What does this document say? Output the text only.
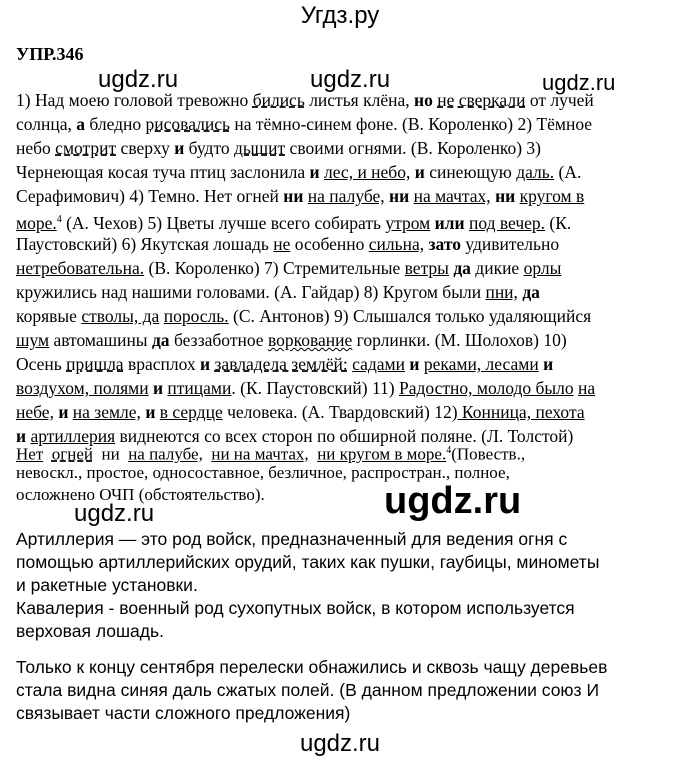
Угдз.ру
УПР.346
ugdz.ru	ugdz.ru	ugdz.ru
ugdz.ru
ugdz.ru
1) Над моею головой тревожно бились листья клёна, но не сверкали от лучей
солнца, а бледно рисовались на тёмно-синем фоне. (В. Короленко) 2) Тёмное
небо смотрит сверху и будто дышит своими огнями. (В. Короленко) 3)
Чернеющая косая туча птиц заслонила и лес, и небо, и синеющую даль. (А.
Серафимович) 4) Темно. Нет огней ни на палубе, ни на мачтах, ни кругом в
море.$^4$ (А. Чехов) 5) Цветы лучше всего собирать утром или под вечер. (К.
Паустовский) 6) Якутская лошадь не особенно сильна, зато удивительно
нетребовательна. (В. Короленко) 7) Стремительные ветры да дикие орлы
кружились над нашими головами. (А. Гайдар) 8) Кругом были пни, да
корявые стволы, да поросль. (С. Антонов) 9) Слышался только удаляющийся
шум автомашины да беззаботное воркование горлинки. (М. Шолохов) 10)
Осень пришла врасплох и завладела землёй: садами и реками, лесами и
воздухом, полями и птицами. (К. Паустовский) 11) Радостно, молодо было на
небе, и на земле, и в сердце человека. (А. Твардовский) 12) Конница, пехота
и артиллерия виднеются со всех сторон по обширной поляне. (Л. Толстой)
Нет огней ни на палубе, ни на мачтах, ни кругом в море.$^4$(Повеств.,
невоскл., простое, односоставное, безличное, распростран., полное,
осложнено ОЧП (обстоятельство).
Артиллерия — это род войск, предназначенный для ведения огня с
помощью артиллерийских орудий, таких как пушки, гаубицы, минометы
и ракетные установки.
Кавалерия - военный род сухопутных войск, в котором используется
верховая лошадь.
Только к концу сентября перелески обнажились и сквозь чащу деревьев
стала видна синяя даль сжатых полей. (В данном предложении союз И
связывает части сложного предложения)
ugdz.ru
